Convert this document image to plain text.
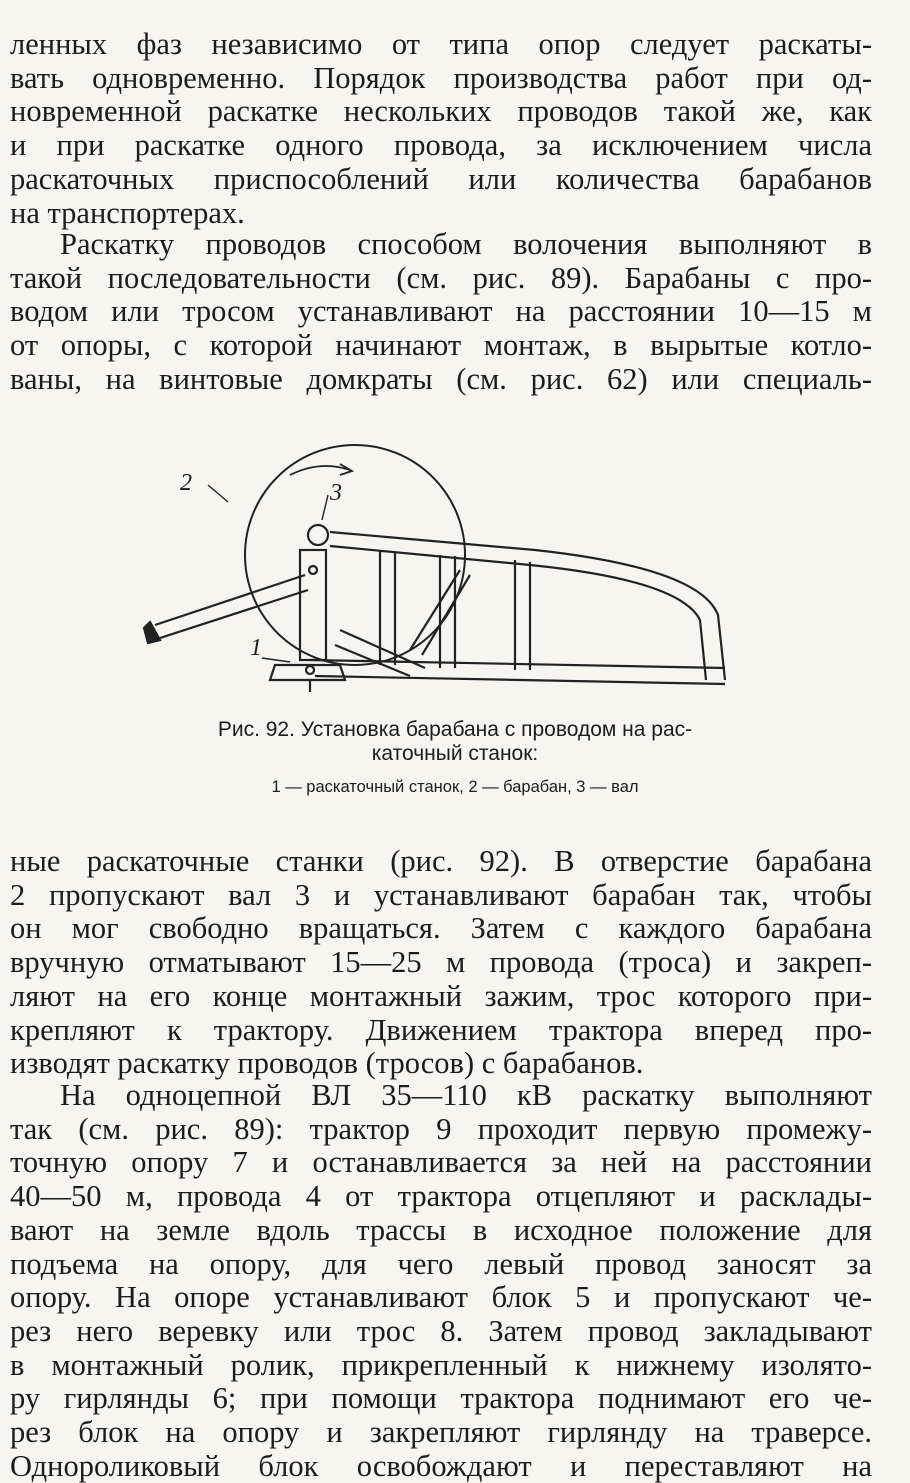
ленных фаз независимо от типа опор следует раскаты-
вать одновременно. Порядок производства работ при од-
новременной раскатке нескольких проводов такой же, как
и при раскатке одного провода, за исключением числа
раскаточных приспособлений или количества барабанов
на транспортерах.
Раскатку проводов способом волочения выполняют в
такой последовательности (см. рис. 89). Барабаны с про-
водом или тросом устанавливают на расстоянии 10—15 м
от опоры, с которой начинают монтаж, в вырытые котло-
ваны, на винтовые домкраты (см. рис. 62) или специаль-
2	3
1
Рис. 92. Установка барабана с проводом на рас-
каточный станок:
1 — раскаточный станок, 2 — барабан, 3 — вал
ные раскаточные станки (рис. 92). В отверстие барабана
2 пропускают вал 3 и устанавливают барабан так, чтобы
он мог свободно вращаться. Затем с каждого барабана
вручную отматывают 15—25 м провода (троса) и закреп-
ляют на его конце монтажный зажим, трос которого при-
крепляют к трактору. Движением трактора вперед про-
изводят раскатку проводов (тросов) с барабанов.
На одноцепной ВЛ 35—110 кВ раскатку выполняют
так (см. рис. 89): трактор 9 проходит первую промежу-
точную опору 7 и останавливается за ней на расстоянии
40—50 м, провода 4 от трактора отцепляют и расклады-
вают на земле вдоль трассы в исходное положение для
подъема на опору, для чего левый провод заносят за
опору. На опоре устанавливают блок 5 и пропускают че-
рез него веревку или трос 8. Затем провод закладывают
в монтажный ролик, прикрепленный к нижнему изолято-
ру гирлянды 6; при помощи трактора поднимают его че-
рез блок на опору и закрепляют гирлянду на траверсе.
Однороликовый блок освобождают и переставляют на
